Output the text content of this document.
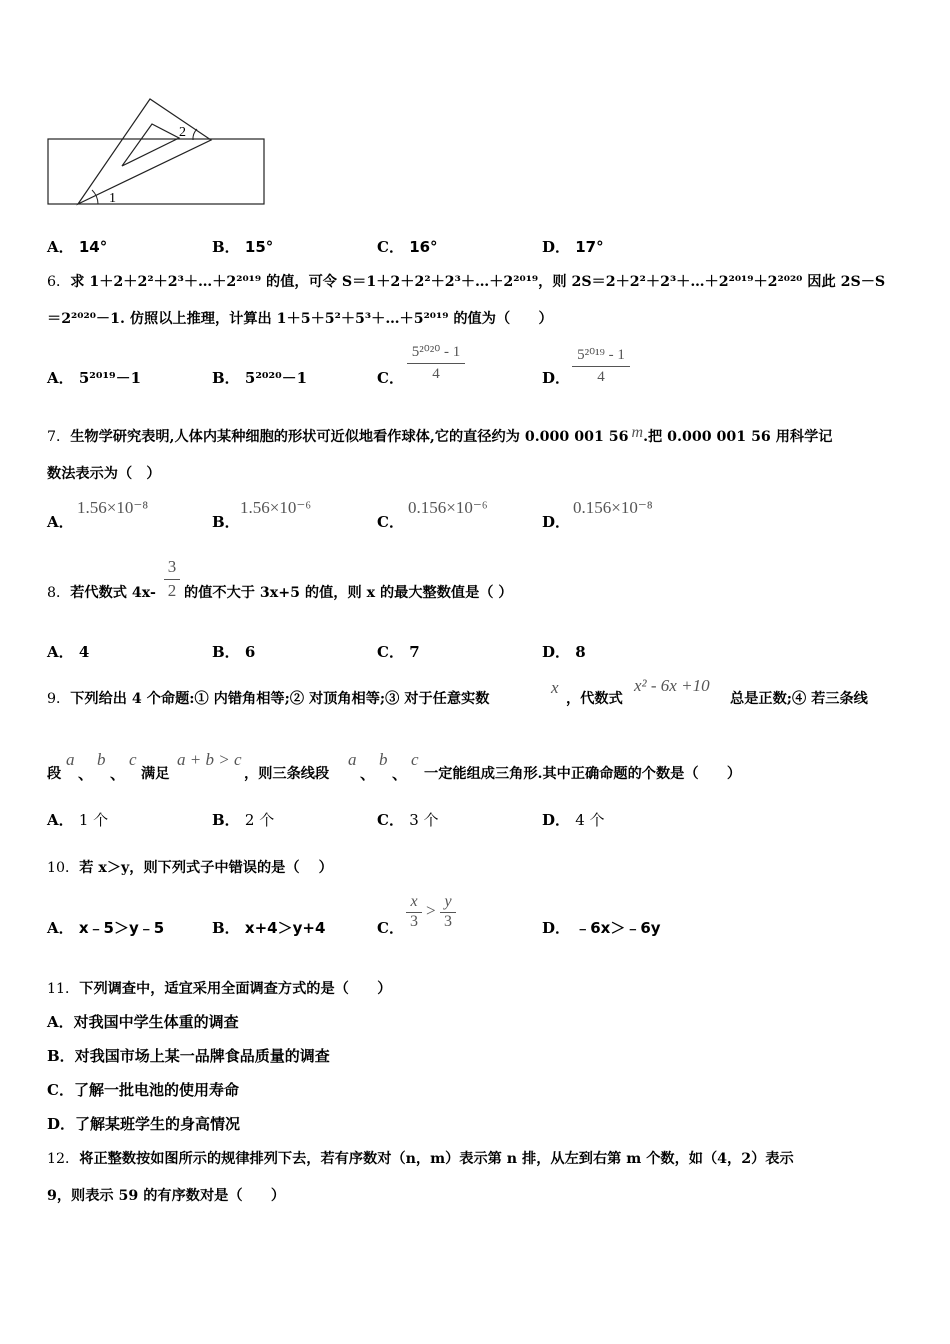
1
2
A． 14°	B． 15°	C． 16°	D． 17°
6．求 1＋2＋2²＋2³＋…＋2²⁰¹⁹ 的值，可令 S＝1＋2＋2²＋2³＋…＋2²⁰¹⁹，则 2S＝2＋2²＋2³＋…＋2²⁰¹⁹＋2²⁰²⁰ 因此 2S－S
＝2²⁰²⁰－1. 仿照以上推理，计算出 1＋5＋5²＋5³＋…＋5²⁰¹⁹ 的值为（　　）
A． 5²⁰¹⁹－1	B． 5²⁰²⁰－1	C． $\frac{\text{5²⁰²⁰ - 1}}{4}$	D． $\frac{\text{5²⁰¹⁹ - 1}}{4}$
7．生物学研究表明,人体内某种细胞的形状可近似地看作球体,它的直径约为 0.000 001 56 m.把 0.000 001 56 用科学记
数法表示为（　）
A．
1.56×10⁻⁸
B．
1.56×10⁻⁶
C．
0.156×10⁻⁶
D．
0.156×10⁻⁸
8．若代数式 $4x- \frac{3}{2}$ 的值不大于 3x+5 的值，则 x 的最大整数值是（ ）
A． 4	B． 6	C． 7	D． 8
9．下列给出 4 个命题:① 内错角相等;② 对顶角相等;③ 对于任意实数
x
，代数式
x² - 6x +10
总是正数;④ 若三条线
段
a
、
b
、
c
满足
a + b > c
，则三条线段
a
、
b
、
c
一定能组成三角形.其中正确命题的个数是（　　）
A． 1 个	B． 2 个	C． 3 个	D． 4 个
10．若 x＞y，则下列式子中错误的是（　 ）
A． x﹣5＞y﹣5	B． x+4＞y+4	C． $\frac{x}{3} > \frac{y}{3}$	D． ﹣6x＞﹣6y
11．下列调查中，适宜采用全面调查方式的是（　　）
A．对我国中学生体重的调查
B．对我国市场上某一品牌食品质量的调查
C．了解一批电池的使用寿命
D．了解某班学生的身高情况
12．将正整数按如图所示的规律排列下去，若有序数对（n，m）表示第 n 排，从左到右第 m 个数，如（4，2）表示
9，则表示 59 的有序数对是（　　）
